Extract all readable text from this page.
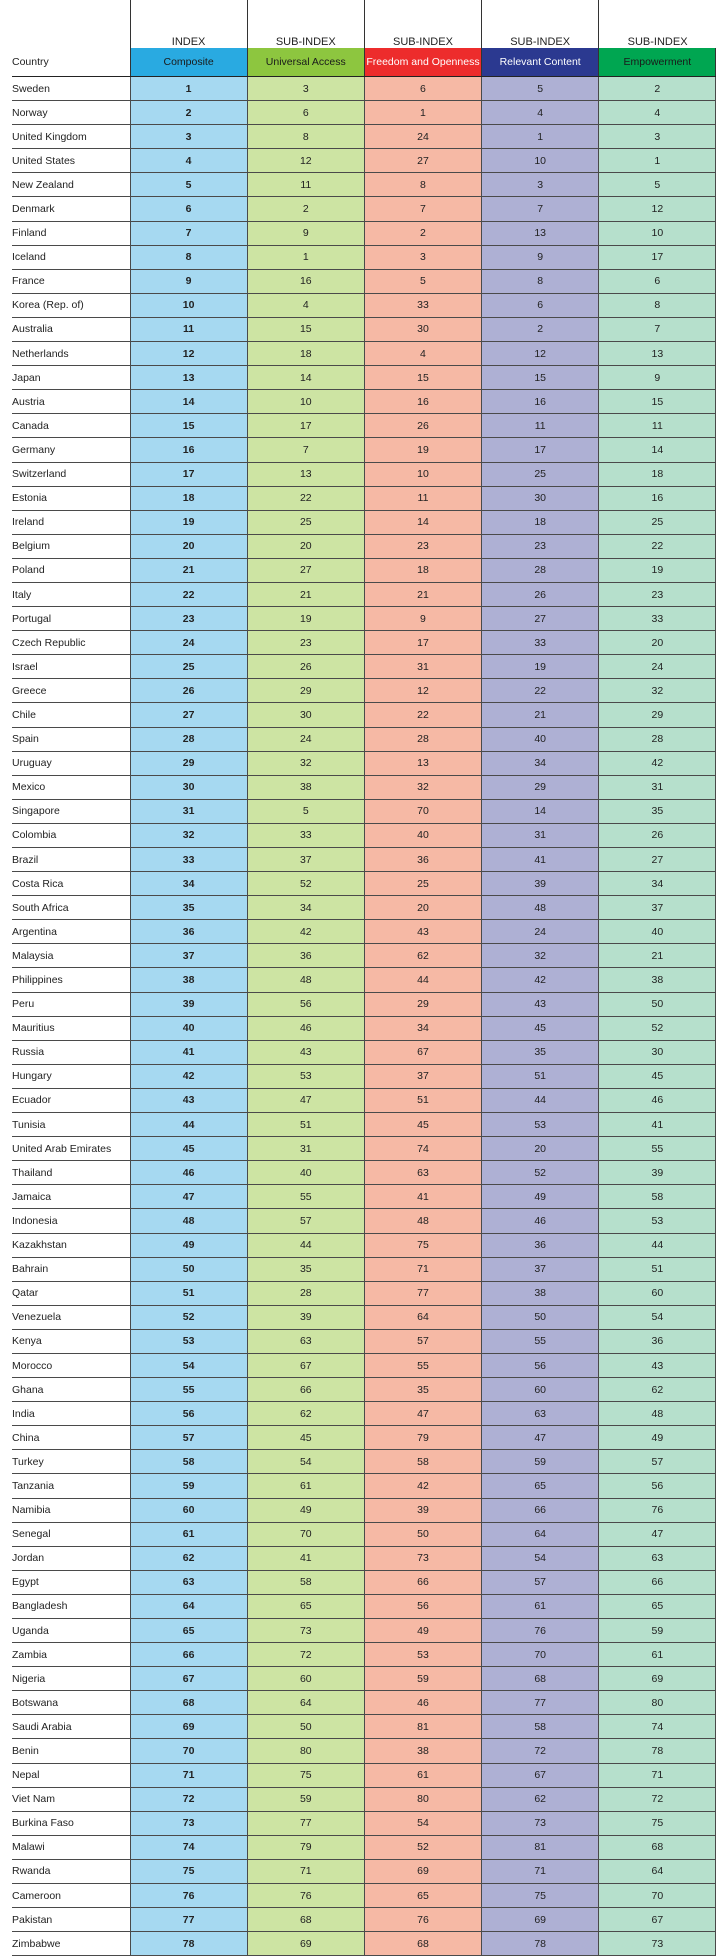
	INDEX	SUB-INDEX	SUB-INDEX	SUB-INDEX	SUB-INDEX
Country	Composite	Universal Access	Freedom and Openness	Relevant Content	Empowerment
Sweden	1	3	6	5	2
Norway	2	6	1	4	4
United Kingdom	3	8	24	1	3
United States	4	12	27	10	1
New Zealand	5	11	8	3	5
Denmark	6	2	7	7	12
Finland	7	9	2	13	10
Iceland	8	1	3	9	17
France	9	16	5	8	6
Korea (Rep. of)	10	4	33	6	8
Australia	11	15	30	2	7
Netherlands	12	18	4	12	13
Japan	13	14	15	15	9
Austria	14	10	16	16	15
Canada	15	17	26	11	11
Germany	16	7	19	17	14
Switzerland	17	13	10	25	18
Estonia	18	22	11	30	16
Ireland	19	25	14	18	25
Belgium	20	20	23	23	22
Poland	21	27	18	28	19
Italy	22	21	21	26	23
Portugal	23	19	9	27	33
Czech Republic	24	23	17	33	20
Israel	25	26	31	19	24
Greece	26	29	12	22	32
Chile	27	30	22	21	29
Spain	28	24	28	40	28
Uruguay	29	32	13	34	42
Mexico	30	38	32	29	31
Singapore	31	5	70	14	35
Colombia	32	33	40	31	26
Brazil	33	37	36	41	27
Costa Rica	34	52	25	39	34
South Africa	35	34	20	48	37
Argentina	36	42	43	24	40
Malaysia	37	36	62	32	21
Philippines	38	48	44	42	38
Peru	39	56	29	43	50
Mauritius	40	46	34	45	52
Russia	41	43	67	35	30
Hungary	42	53	37	51	45
Ecuador	43	47	51	44	46
Tunisia	44	51	45	53	41
United Arab Emirates	45	31	74	20	55
Thailand	46	40	63	52	39
Jamaica	47	55	41	49	58
Indonesia	48	57	48	46	53
Kazakhstan	49	44	75	36	44
Bahrain	50	35	71	37	51
Qatar	51	28	77	38	60
Venezuela	52	39	64	50	54
Kenya	53	63	57	55	36
Morocco	54	67	55	56	43
Ghana	55	66	35	60	62
India	56	62	47	63	48
China	57	45	79	47	49
Turkey	58	54	58	59	57
Tanzania	59	61	42	65	56
Namibia	60	49	39	66	76
Senegal	61	70	50	64	47
Jordan	62	41	73	54	63
Egypt	63	58	66	57	66
Bangladesh	64	65	56	61	65
Uganda	65	73	49	76	59
Zambia	66	72	53	70	61
Nigeria	67	60	59	68	69
Botswana	68	64	46	77	80
Saudi Arabia	69	50	81	58	74
Benin	70	80	38	72	78
Nepal	71	75	61	67	71
Viet Nam	72	59	80	62	72
Burkina Faso	73	77	54	73	75
Malawi	74	79	52	81	68
Rwanda	75	71	69	71	64
Cameroon	76	76	65	75	70
Pakistan	77	68	76	69	67
Zimbabwe	78	69	68	78	73
